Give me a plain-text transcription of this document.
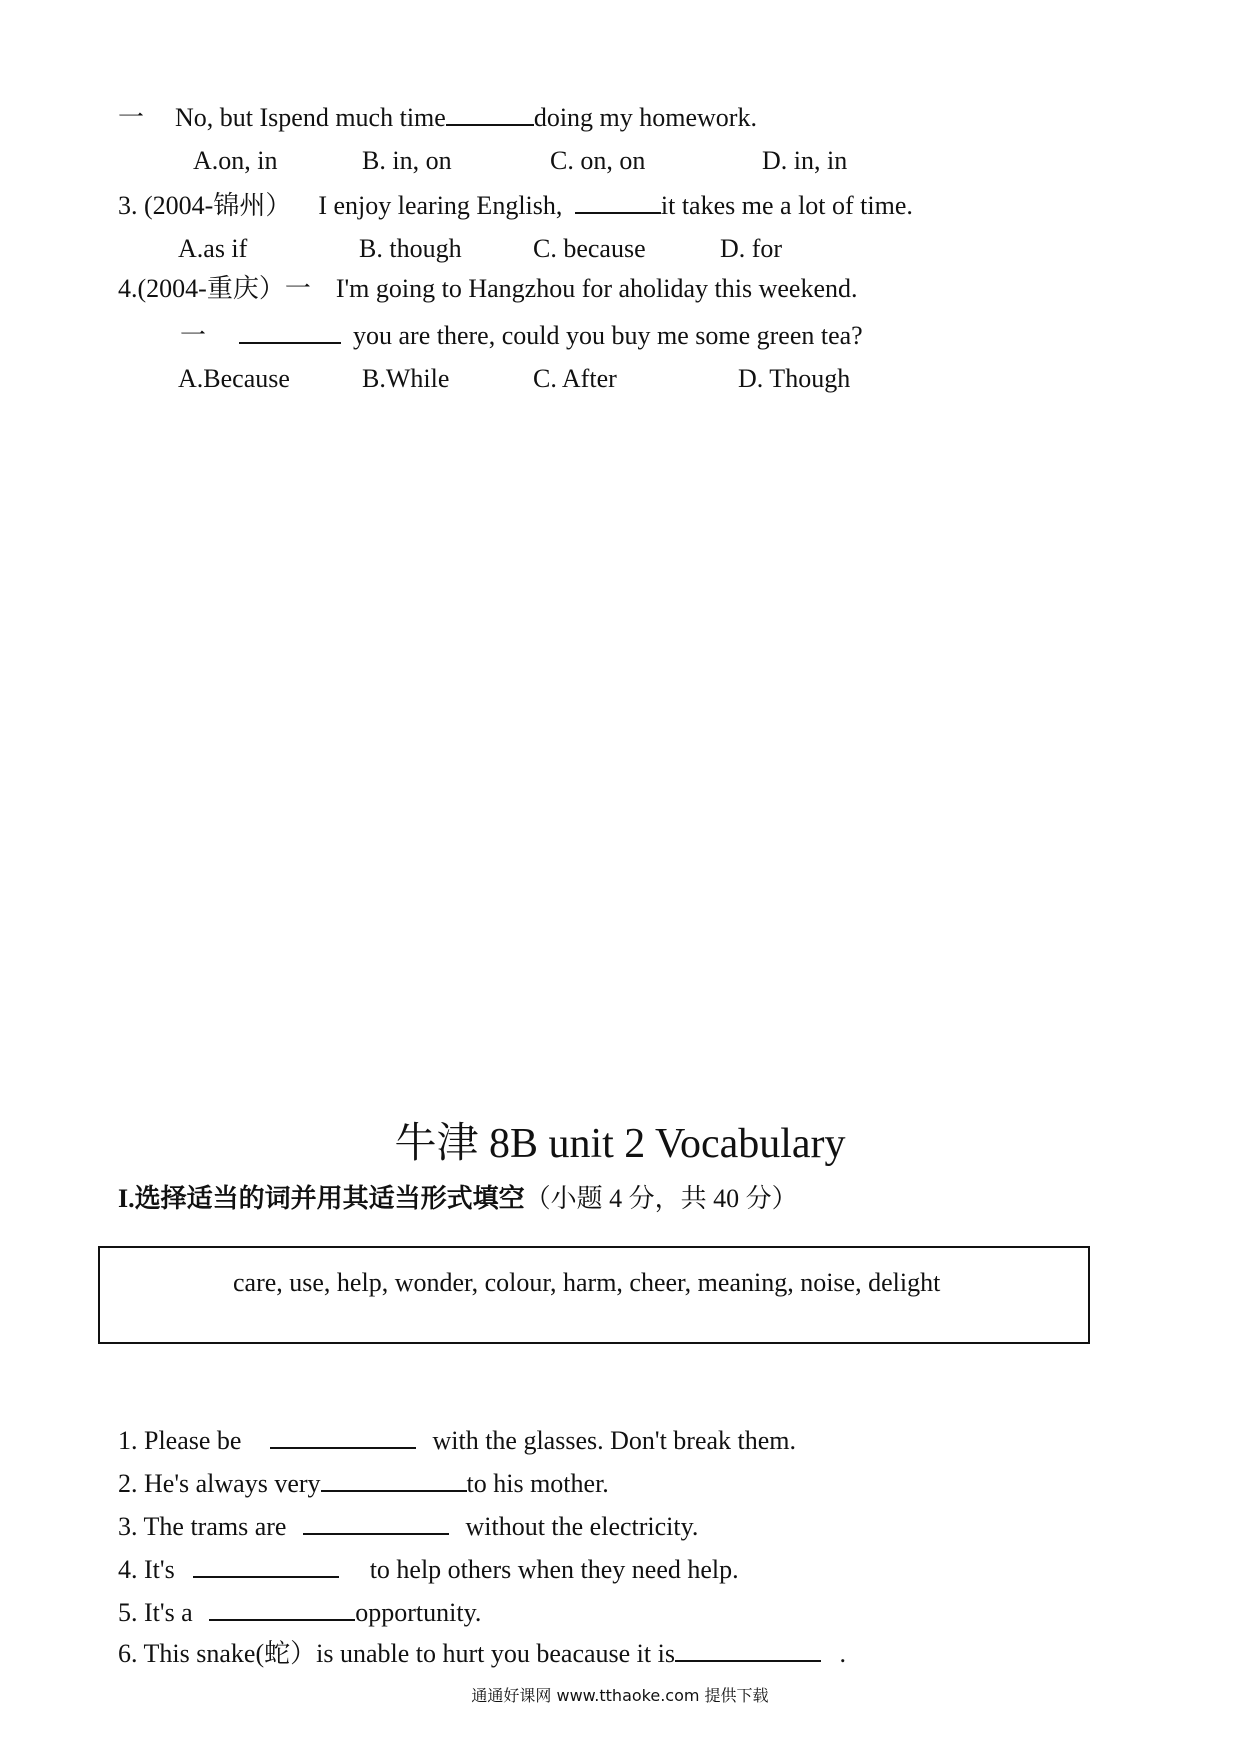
一 No, but Ispend much time	doing my homework.
A.on, in	B. in, on	C. on, on	D. in, in
3. (2004-锦州） I enjoy learing English,	it takes me a lot of time.
A.as if	B. though	C. because	D. for
4.(2004-重庆）一 I'm going to Hangzhou for aholiday this weekend.
一	you are there, could you buy me some green tea?
A.Because	B.While	C. After	D. Though
牛津 8B unit 2 Vocabulary
I.选择适当的词并用其适当形式填空（小题 4 分，共 40 分）
care, use, help, wonder, colour, harm, cheer, meaning, noise, delight
1. Please be	with the glasses. Don't break them.
2. He's always very	to his mother.
3. The trams are	without the electricity.
4. It's	to help others when they need help.
5. It's a	opportunity.
6. This snake(蛇）is unable to hurt you beacause it is	.
通通好课网 www.tthaoke.com 提供下载
